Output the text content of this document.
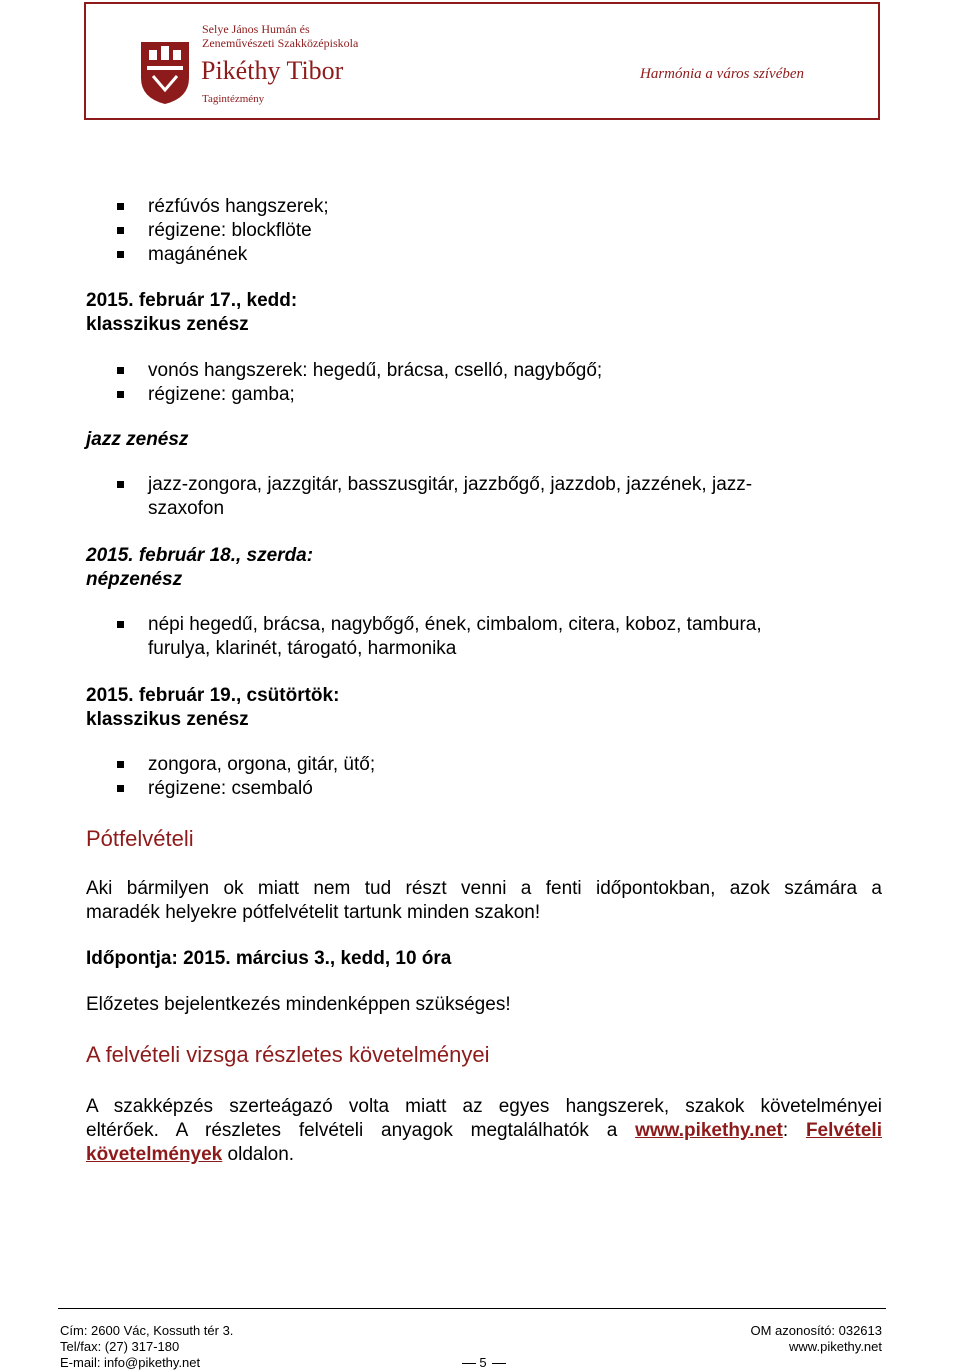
Selye János Humán és
Zeneművészeti Szakközépiskola
Pikéthy Tibor
Tagintézmény
Harmónia a város szívében
rézfúvós hangszerek;
régizene: blockflöte
magánének
2015. február 17., kedd:
klasszikus zenész
vonós hangszerek: hegedű, brácsa, cselló, nagybőgő;
régizene: gamba;
jazz zenész
jazz-zongora, jazzgitár, basszusgitár, jazzbőgő, jazzdob, jazzének, jazz-
szaxofon
2015. február 18., szerda:
népzenész
népi hegedű, brácsa, nagybőgő, ének, cimbalom, citera, koboz, tambura,
furulya, klarinét, tárogató, harmonika
2015. február 19., csütörtök:
klasszikus zenész
zongora, orgona, gitár, ütő;
régizene: csembaló
Pótfelvételi
Aki bármilyen ok miatt nem tud részt venni a fenti időpontokban, azok számára a
maradék helyekre pótfelvételit tartunk minden szakon!
Időpontja: 2015. március 3., kedd, 10 óra
Előzetes bejelentkezés mindenképpen szükséges!
A felvételi vizsga részletes követelményei
A szakképzés szerteágazó volta miatt az egyes hangszerek, szakok követelményei
eltérőek. A részletes felvételi anyagok megtalálhatók a www.pikethy.net: Felvételi
követelmények oldalon.
Cím: 2600 Vác, Kossuth tér 3.
Tel/fax: (27) 317-180
E-mail: info@pikethy.net	5
OM azonosító: 032613
www.pikethy.net
